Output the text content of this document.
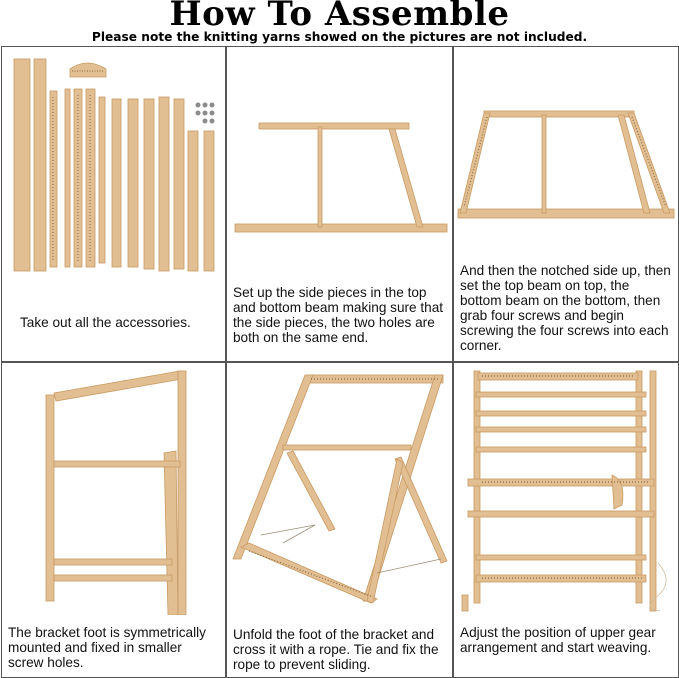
How To Assemble
Please note the knitting yarns showed on the pictures are not included.
Take out all the accessories.
Set up the side pieces in the top and bottom beam making sure that the side pieces, the two holes are both on the same end.
And then the notched side up, then set the top beam on top, the bottom beam on the bottom, then grab four screws and begin screwing the four screws into each corner.
The bracket foot is symmetrically mounted and fixed in smaller screw holes.
Unfold the foot of the bracket and cross it with a rope. Tie and fix the rope to prevent sliding.
Adjust the position of upper gear arrangement and start weaving.
